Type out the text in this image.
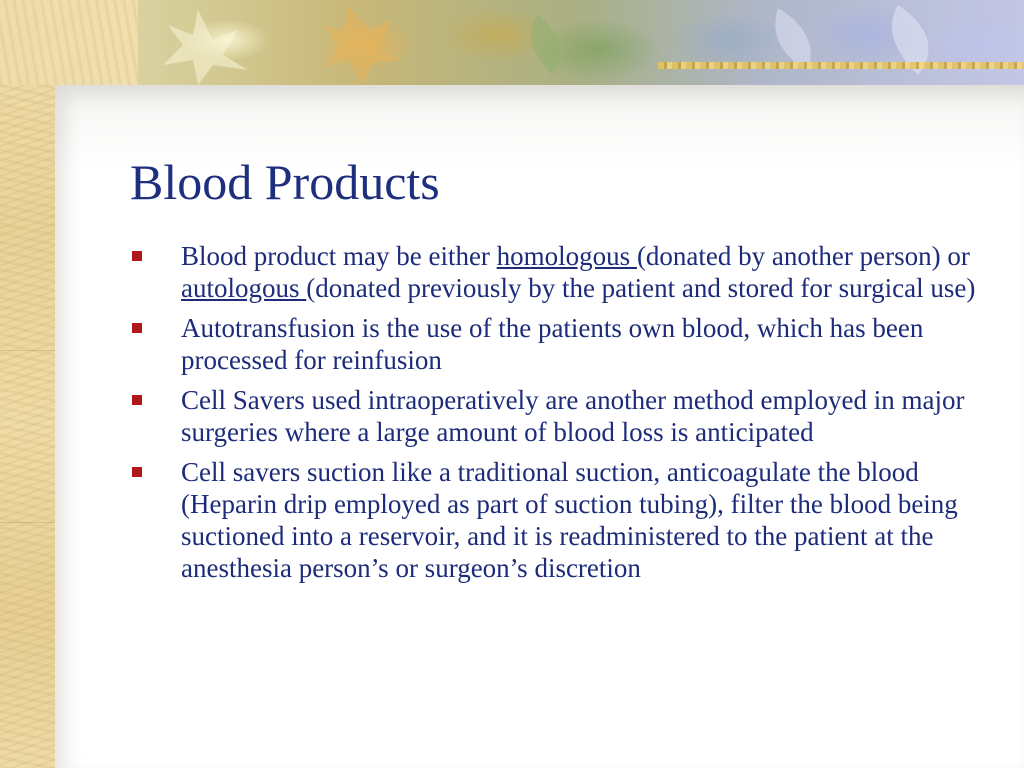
Blood Products
Blood product may be either homologous (donated by another person) or autologous (donated previously by the patient and stored for surgical use)
Autotransfusion is the use of the patients own blood, which has been processed for reinfusion
Cell Savers used intraoperatively are another method employed in major surgeries where a large amount of blood loss is anticipated
Cell savers suction like a traditional suction, anticoagulate the blood (Heparin drip employed as part of suction tubing), filter the blood being suctioned into a reservoir, and it is readministered to the patient at the anesthesia person’s or surgeon’s discretion
